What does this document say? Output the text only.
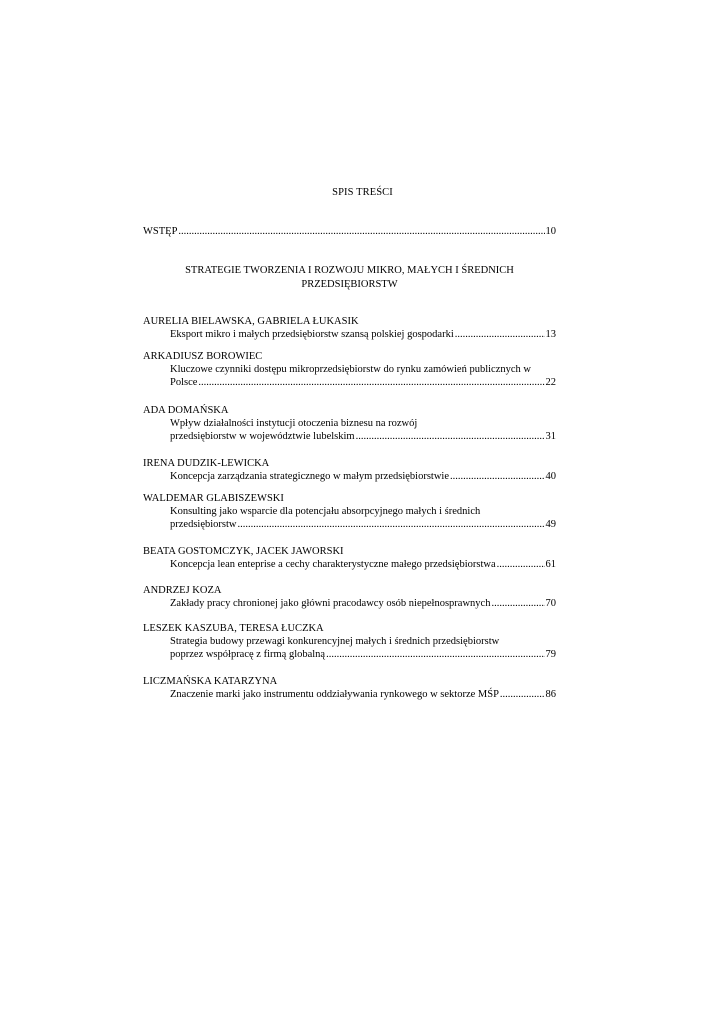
SPIS TREŚCI
WSTĘP .....	10
STRATEGIE TWORZENIA I ROZWOJU MIKRO, MAŁYCH I ŚREDNICH
PRZEDSIĘBIORSTW
AURELIA BIELAWSKA, GABRIELA ŁUKASIK
Eksport mikro i małych przedsiębiorstw szansą polskiej gospodarki .....	13
ARKADIUSZ BOROWIEC
Kluczowe czynniki dostępu mikroprzedsiębiorstw do rynku zamówień publicznych w
Polsce .....	22
ADA DOMAŃSKA
Wpływ działalności instytucji otoczenia biznesu na rozwój
przedsiębiorstw w województwie lubelskim .....	31
IRENA DUDZIK-LEWICKA
Koncepcja zarządzania strategicznego w małym przedsiębiorstwie .....	40
WALDEMAR GLABISZEWSKI
Konsulting jako wsparcie dla potencjału absorpcyjnego małych i średnich
przedsiębiorstw .....	49
BEATA GOSTOMCZYK, JACEK JAWORSKI
Koncepcja lean enteprise a cechy charakterystyczne małego przedsiębiorstwa .....	61
ANDRZEJ KOZA
Zakłady pracy chronionej jako główni pracodawcy osób niepełnosprawnych .....	70
LESZEK KASZUBA, TERESA ŁUCZKA
Strategia budowy przewagi konkurencyjnej małych i średnich przedsiębiorstw
poprzez współpracę z firmą globalną .....	79
LICZMAŃSKA KATARZYNA
Znaczenie marki jako instrumentu oddziaływania rynkowego w sektorze MŚP .....	86
